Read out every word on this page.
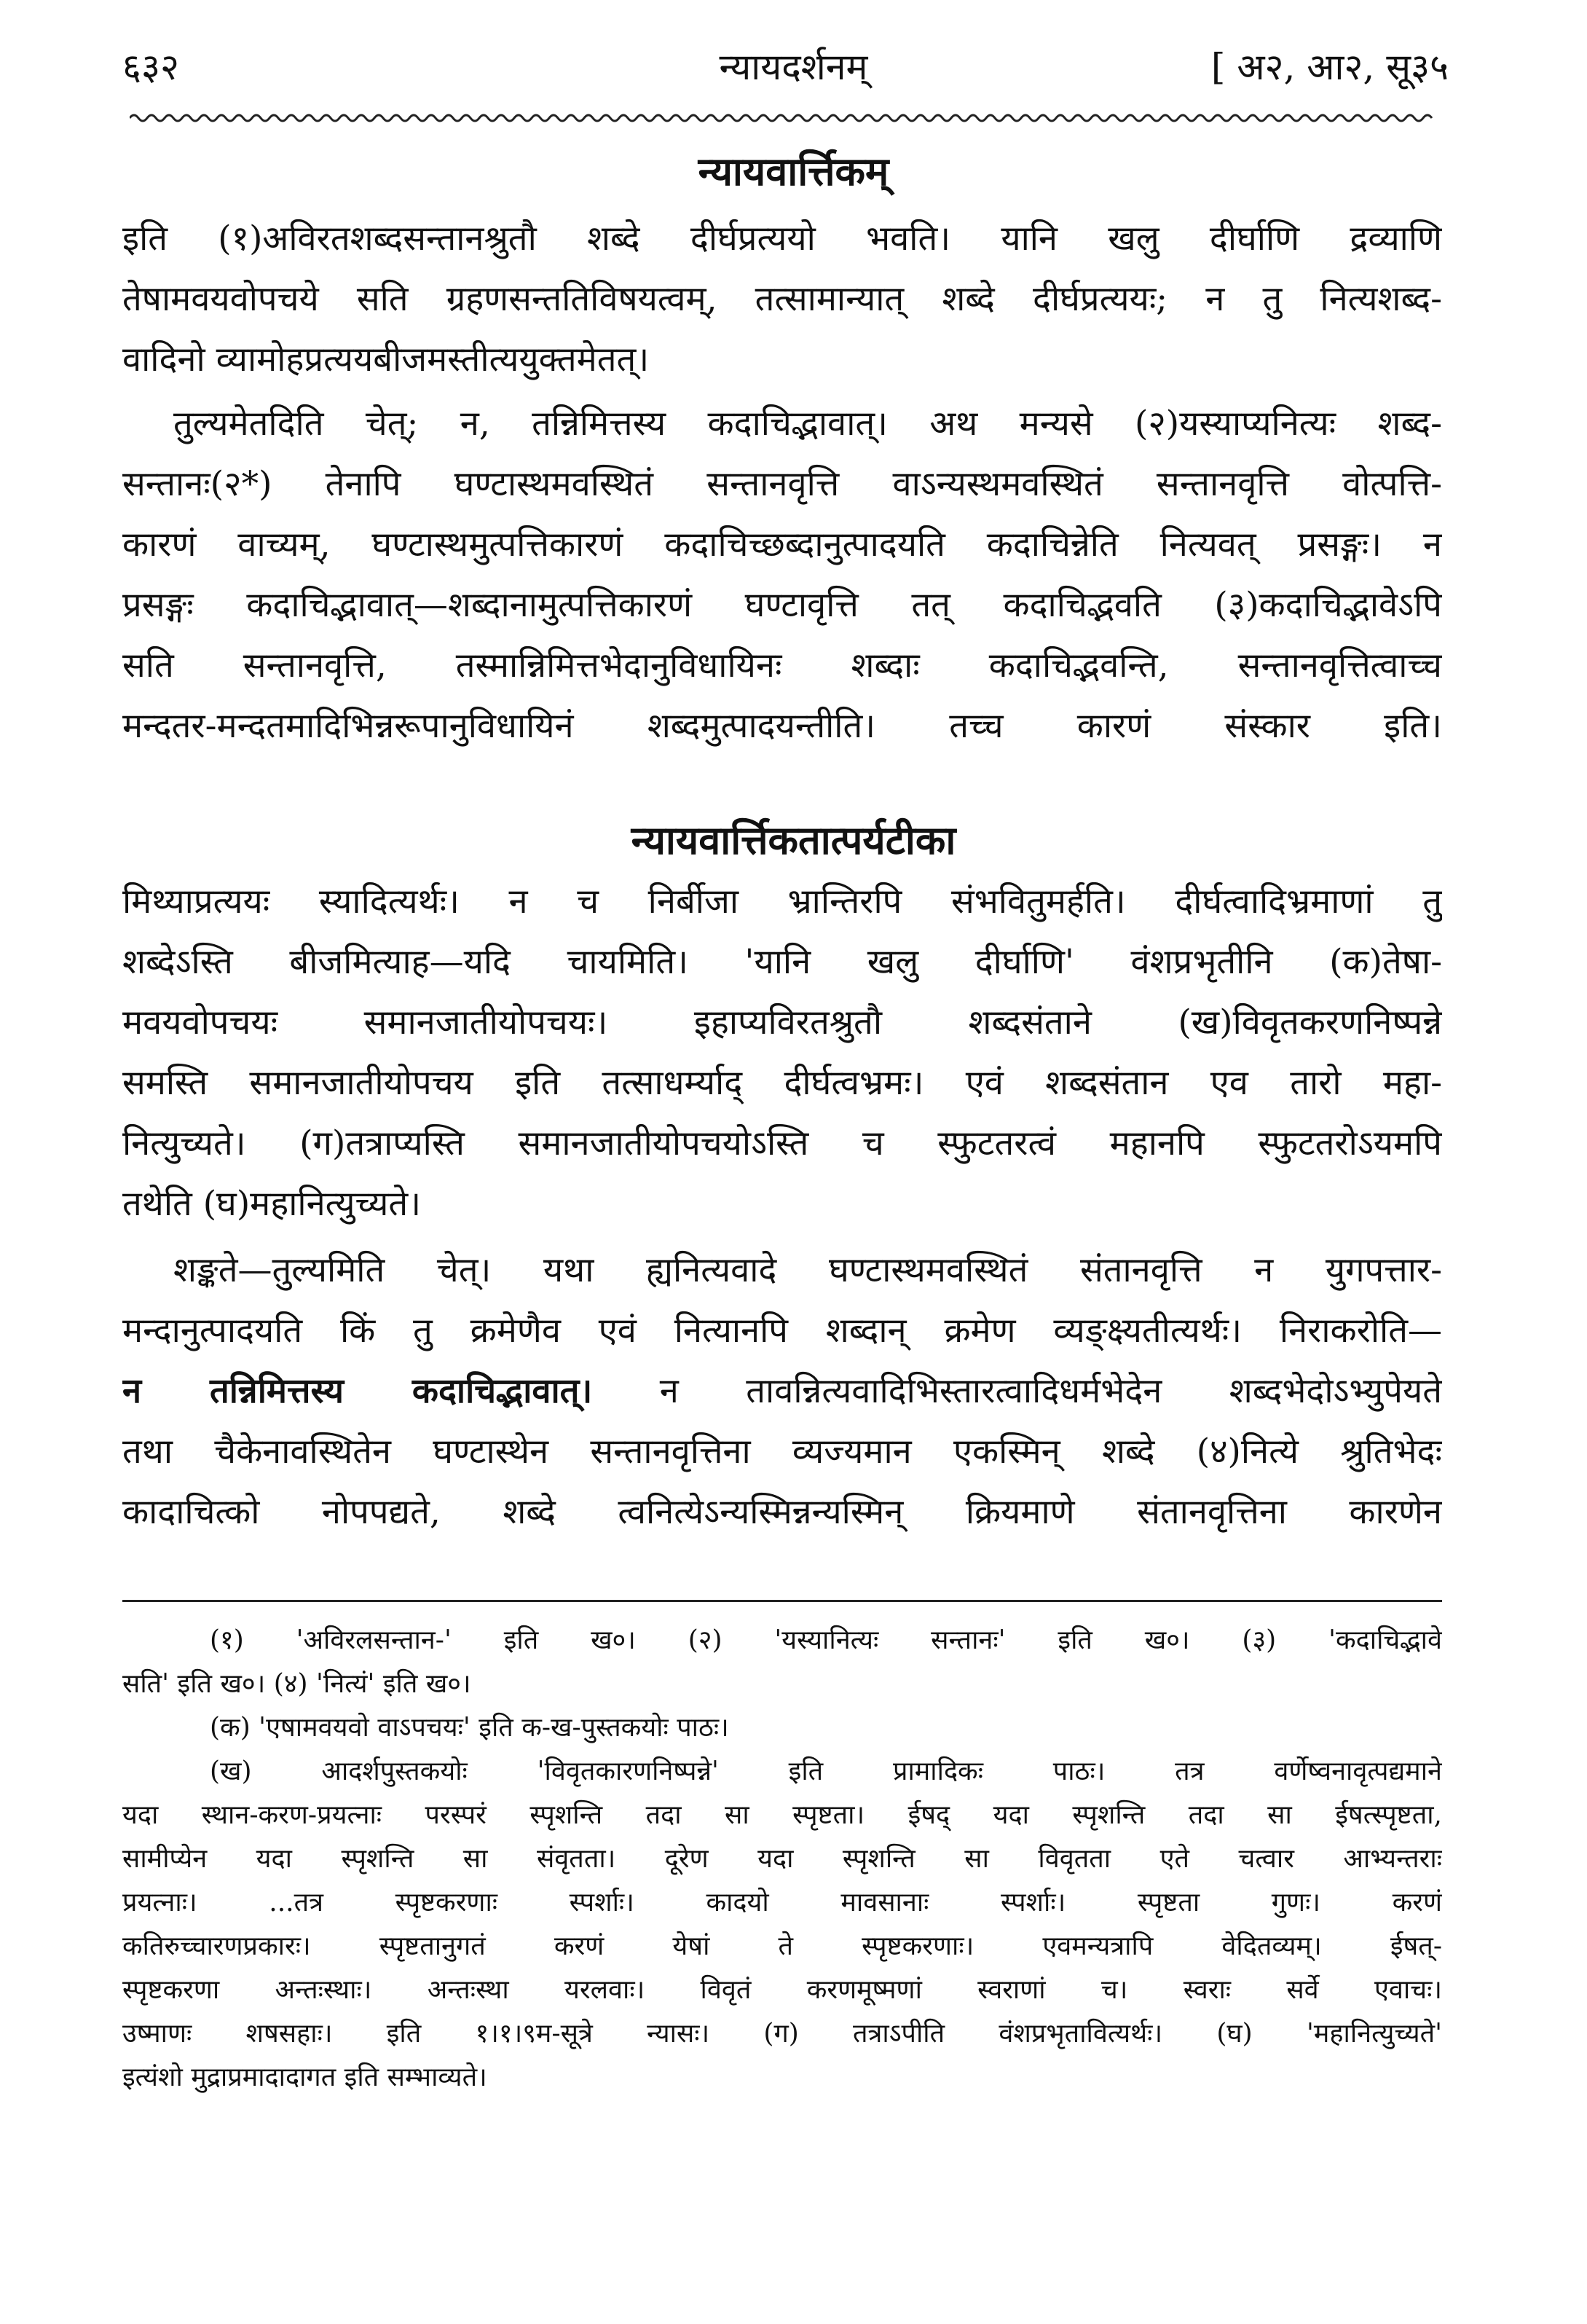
६३२	न्यायदर्शनम्	[ अ२, आ२, सू३५
न्यायवार्त्तिकम्
इति (१)अविरतशब्दसन्तानश्रुतौ शब्दे दीर्घप्रत्ययो भवति। यानि खलु दीर्घाणि द्रव्याणि
तेषामवयवोपचये सति ग्रहणसन्ततिविषयत्वम्, तत्सामान्यात् शब्दे दीर्घप्रत्ययः; न तु नित्यशब्द-
वादिनो व्यामोहप्रत्ययबीजमस्तीत्ययुक्तमेतत्।
तुल्यमेतदिति चेत्; न, तन्निमित्तस्य कदाचिद्भावात्। अथ मन्यसे (२)यस्याप्यनित्यः शब्द-
सन्तानः(२*) तेनापि घण्टास्थमवस्थितं सन्तानवृत्ति वाऽन्यस्थमवस्थितं सन्तानवृत्ति वोत्पत्ति-
कारणं वाच्यम्, घण्टास्थमुत्पत्तिकारणं कदाचिच्छब्दानुत्पादयति कदाचिन्नेति नित्यवत् प्रसङ्गः। न
प्रसङ्गः कदाचिद्भावात्—शब्दानामुत्पत्तिकारणं घण्टावृत्ति तत् कदाचिद्भवति (३)कदाचिद्भावेऽपि
सति सन्तानवृत्ति, तस्मान्निमित्तभेदानुविधायिनः शब्दाः कदाचिद्भवन्ति, सन्तानवृत्तित्वाच्च
मन्दतर-मन्दतमादिभिन्नरूपानुविधायिनं शब्दमुत्पादयन्तीति। तच्च कारणं संस्कार इति।
न्यायवार्त्तिकतात्पर्यटीका
मिथ्याप्रत्ययः स्यादित्यर्थः। न च निर्बीजा भ्रान्तिरपि संभवितुमर्हति। दीर्घत्वादिभ्रमाणां तु
शब्देऽस्ति बीजमित्याह—यदि चायमिति। 'यानि खलु दीर्घाणि' वंशप्रभृतीनि (क)तेषा-
मवयवोपचयः समानजातीयोपचयः। इहाप्यविरतश्रुतौ शब्दसंताने (ख)विवृतकरणनिष्पन्ने
समस्ति समानजातीयोपचय इति तत्साधर्म्याद् दीर्घत्वभ्रमः। एवं शब्दसंतान एव तारो महा-
नित्युच्यते। (ग)तत्राप्यस्ति समानजातीयोपचयोऽस्ति च स्फुटतरत्वं महानपि स्फुटतरोऽयमपि
तथेति (घ)महानित्युच्यते।
शङ्कते—तुल्यमिति चेत्। यथा ह्यनित्यवादे घण्टास्थमवस्थितं संतानवृत्ति न युगपत्तार-
मन्दानुत्पादयति किं तु क्रमेणैव एवं नित्यानपि शब्दान् क्रमेण व्यङ्क्ष्यतीत्यर्थः। निराकरोति—
न तन्निमित्तस्य कदाचिद्भावात्। न तावन्नित्यवादिभिस्तारत्वादिधर्मभेदेन शब्दभेदोऽभ्युपेयते
तथा चैकेनावस्थितेन घण्टास्थेन सन्तानवृत्तिना व्यज्यमान एकस्मिन् शब्दे (४)नित्ये श्रुतिभेदः
कादाचित्को नोपपद्यते, शब्दे त्वनित्येऽन्यस्मिन्नन्यस्मिन् क्रियमाणे संतानवृत्तिना कारणेन
(१) 'अविरलसन्तान-' इति ख०। (२) 'यस्यानित्यः सन्तानः' इति ख०। (३) 'कदाचिद्भावे
सति' इति ख०। (४) 'नित्यं' इति ख०।
(क) 'एषामवयवो वाऽपचयः' इति क-ख-पुस्तकयोः पाठः।
(ख) आदर्शपुस्तकयोः 'विवृतकारणनिष्पन्ने' इति प्रामादिकः पाठः। तत्र वर्णेष्वनावृत्पद्यमाने
यदा स्थान-करण-प्रयत्नाः परस्परं स्पृशन्ति तदा सा स्पृष्टता। ईषद् यदा स्पृशन्ति तदा सा ईषत्स्पृष्टता,
सामीप्येन यदा स्पृशन्ति सा संवृतता। दूरेण यदा स्पृशन्ति सा विवृतता एते चत्वार आभ्यन्तराः
प्रयत्नाः। ...तत्र स्पृष्टकरणाः स्पर्शाः। कादयो मावसानाः स्पर्शाः। स्पृष्टता गुणः। करणं
कतिरुच्चारणप्रकारः। स्पृष्टतानुगतं करणं येषां ते स्पृष्टकरणाः। एवमन्यत्रापि वेदितव्यम्। ईषत्-
स्पृष्टकरणा अन्तःस्थाः। अन्तःस्था यरलवाः। विवृतं करणमूष्मणां स्वराणां च। स्वराः सर्वे एवाचः।
उष्माणः शषसहाः। इति १।१।९म-सूत्रे न्यासः। (ग) तत्राऽपीति वंशप्रभृतावित्यर्थः। (घ) 'महानित्युच्यते'
इत्यंशो मुद्राप्रमादादागत इति सम्भाव्यते।
